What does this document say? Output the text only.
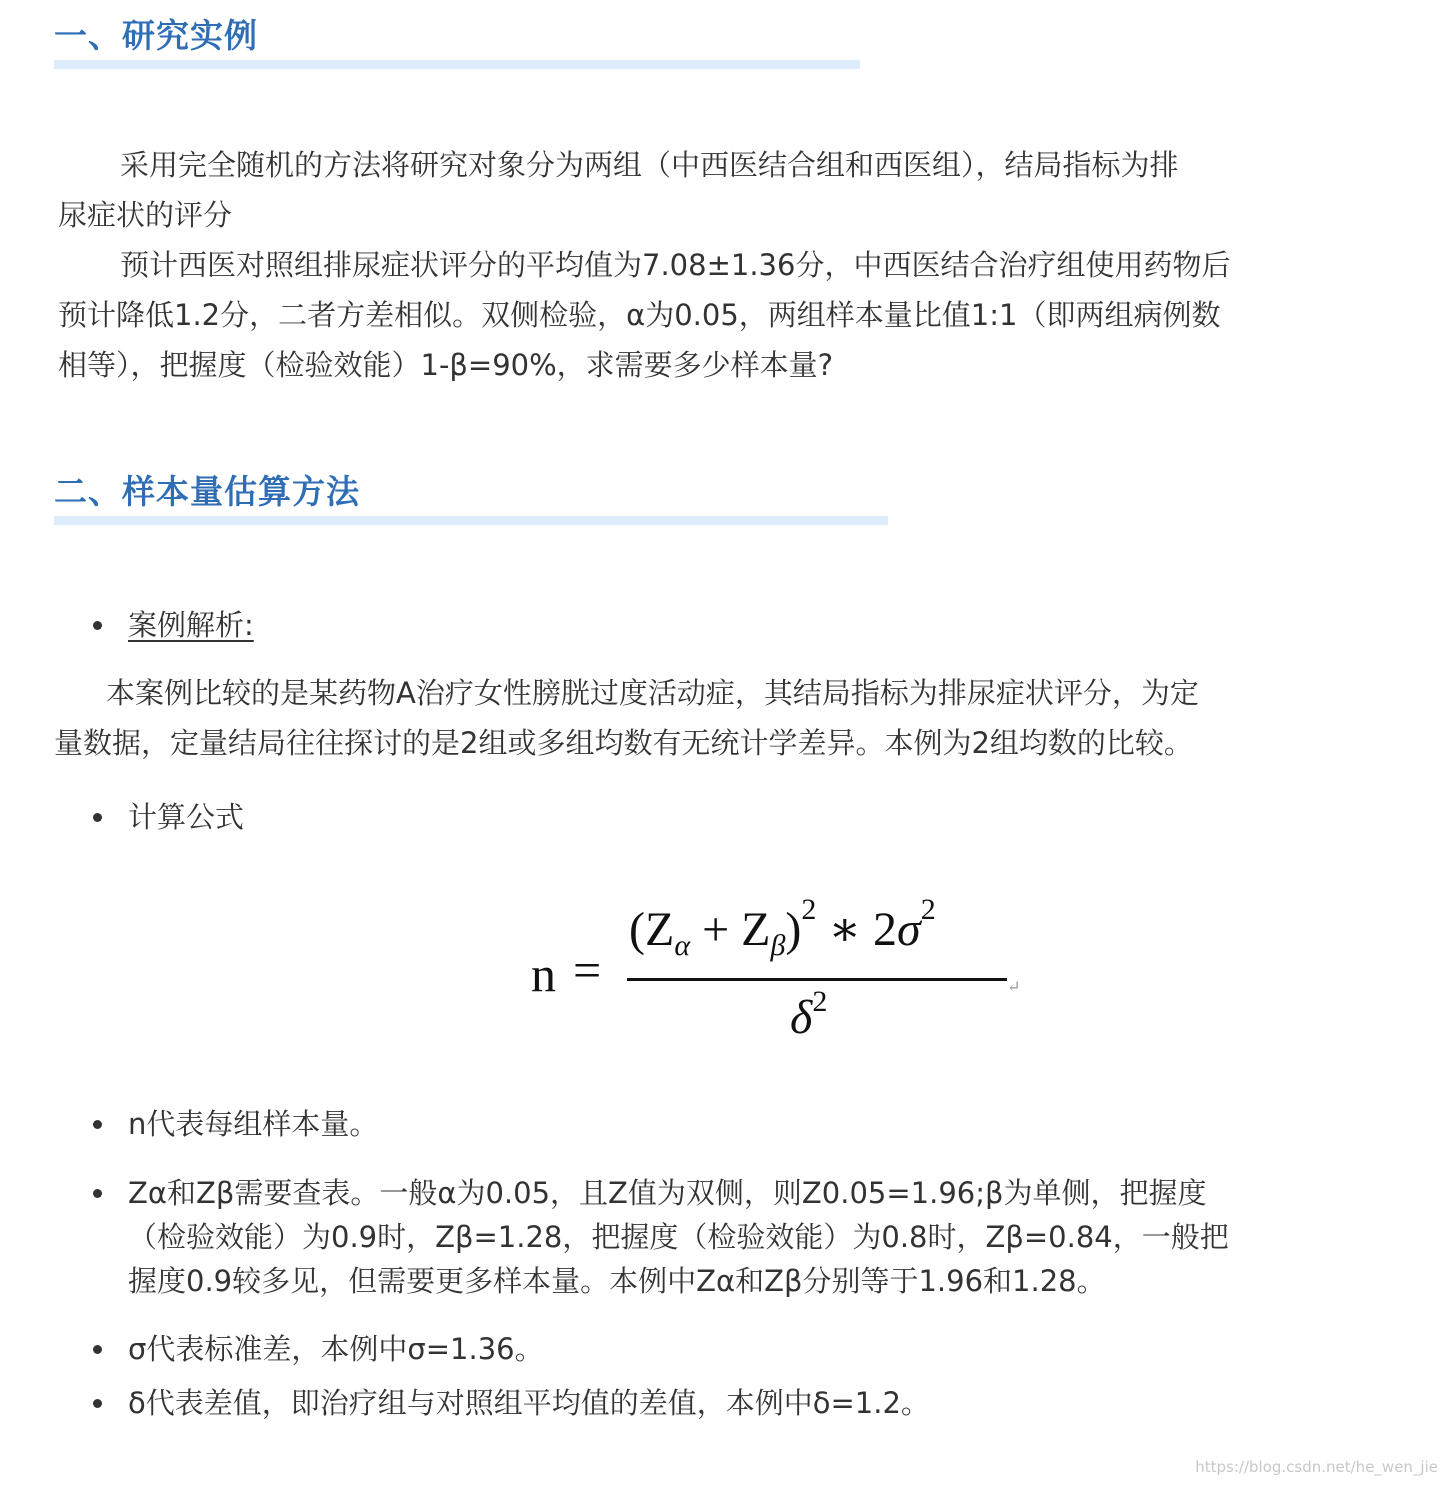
一、研究实例

采用完全随机的方法将研究对象分为两组（中西医结合组和西医组），结局指标为排

尿症状的评分

预计西医对照组排尿症状评分的平均值为7.08±1.36分，中西医结合治疗组使用药物后

预计降低1.2分，二者方差相似。双侧检验，α为0.05，两组样本量比值1:1（即两组病例数

相等），把握度（检验效能）1-β=90%，求需要多少样本量?

二、样本量估算方法

案例解析:

本案例比较的是某药物A治疗女性膀胱过度活动症，其结局指标为排尿症状评分，为定

量数据，定量结局往往探讨的是2组或多组均数有无统计学差异。本例为2组均数的比较。

计算公式

n =
$(Z_\alpha + Z_\beta)^2$ ∗ $2\sigma^2$
$\delta^2$	↵

n代表每组样本量。

Zα和Zβ需要查表。一般α为0.05，且Z值为双侧，则Z0.05=1.96;β为单侧，把握度
（检验效能）为0.9时，Zβ=1.28，把握度（检验效能）为0.8时，Zβ=0.84，一般把
握度0.9较多见，但需要更多样本量。本例中Zα和Zβ分别等于1.96和1.28。

σ代表标准差，本例中σ=1.36。

δ代表差值，即治疗组与对照组平均值的差值，本例中δ=1.2。

https://blog.csdn.net/he_wen_jie
